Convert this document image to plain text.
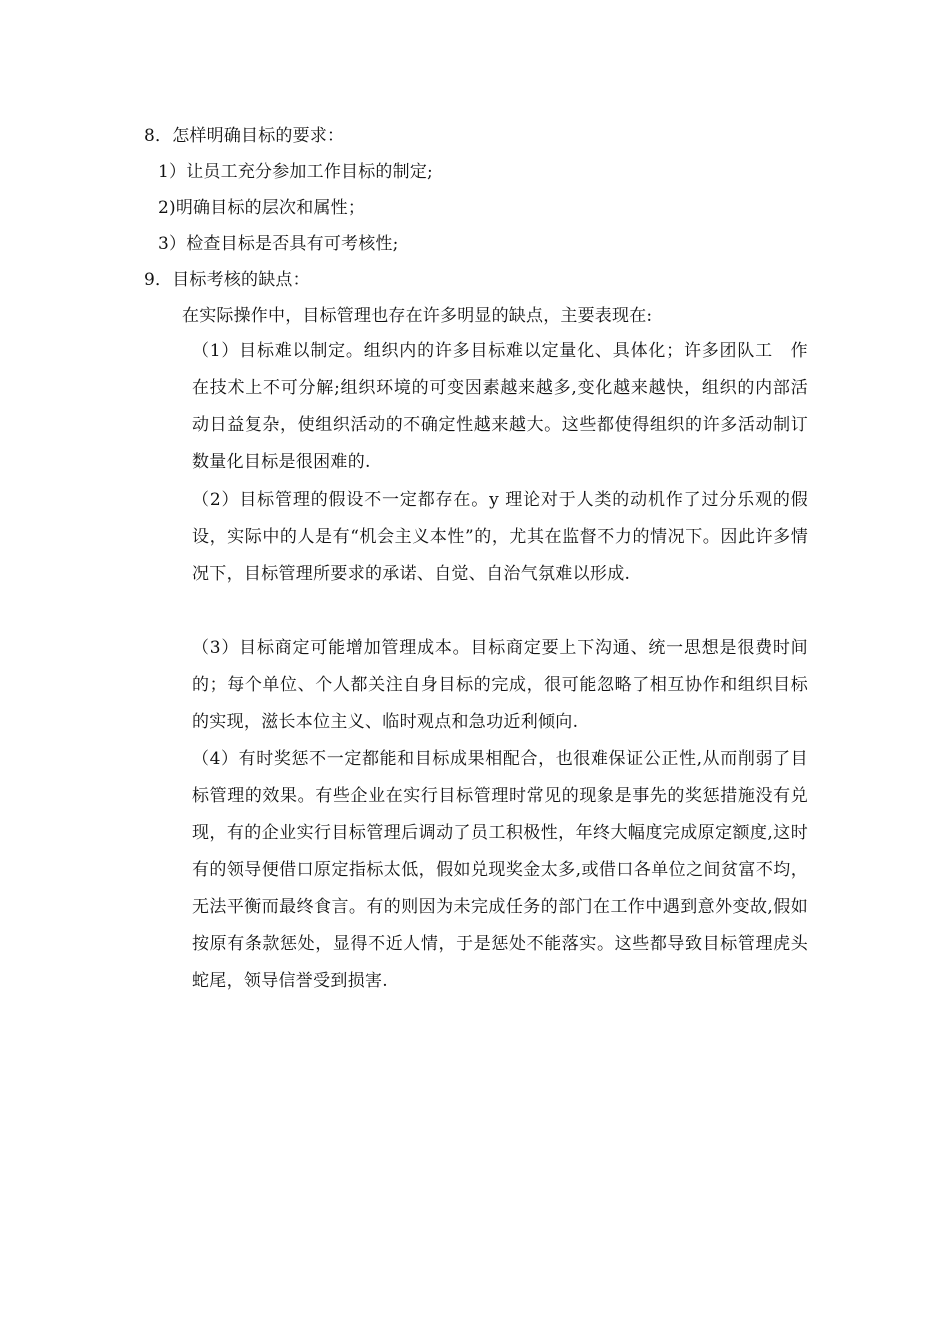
8．怎样明确目标的要求：
1）让员工充分参加工作目标的制定;
2)明确目标的层次和属性；
3）检查目标是否具有可考核性;
9．目标考核的缺点：
在实际操作中，目标管理也存在许多明显的缺点，主要表现在:
（1）目标难以制定。组织内的许多目标难以定量化、具体化；许多团队工　作在技术上不可分解;组织环境的可变因素越来越多,变化越来越快，组织的内部活动日益复杂，使组织活动的不确定性越来越大。这些都使得组织的许多活动制订数量化目标是很困难的.
（2）目标管理的假设不一定都存在。y 理论对于人类的动机作了过分乐观的假设，实际中的人是有“机会主义本性”的，尤其在监督不力的情况下。因此许多情况下，目标管理所要求的承诺、自觉、自治气氛难以形成.
（3）目标商定可能增加管理成本。目标商定要上下沟通、统一思想是很费时间的；每个单位、个人都关注自身目标的完成，很可能忽略了相互协作和组织目标的实现，滋长本位主义、临时观点和急功近利倾向.
（4）有时奖惩不一定都能和目标成果相配合，也很难保证公正性,从而削弱了目标管理的效果。有些企业在实行目标管理时常见的现象是事先的奖惩措施没有兑现，有的企业实行目标管理后调动了员工积极性，年终大幅度完成原定额度,这时有的领导便借口原定指标太低，假如兑现奖金太多,或借口各单位之间贫富不均，无法平衡而最终食言。有的则因为未完成任务的部门在工作中遇到意外变故,假如按原有条款惩处，显得不近人情，于是惩处不能落实。这些都导致目标管理虎头蛇尾，领导信誉受到损害.
